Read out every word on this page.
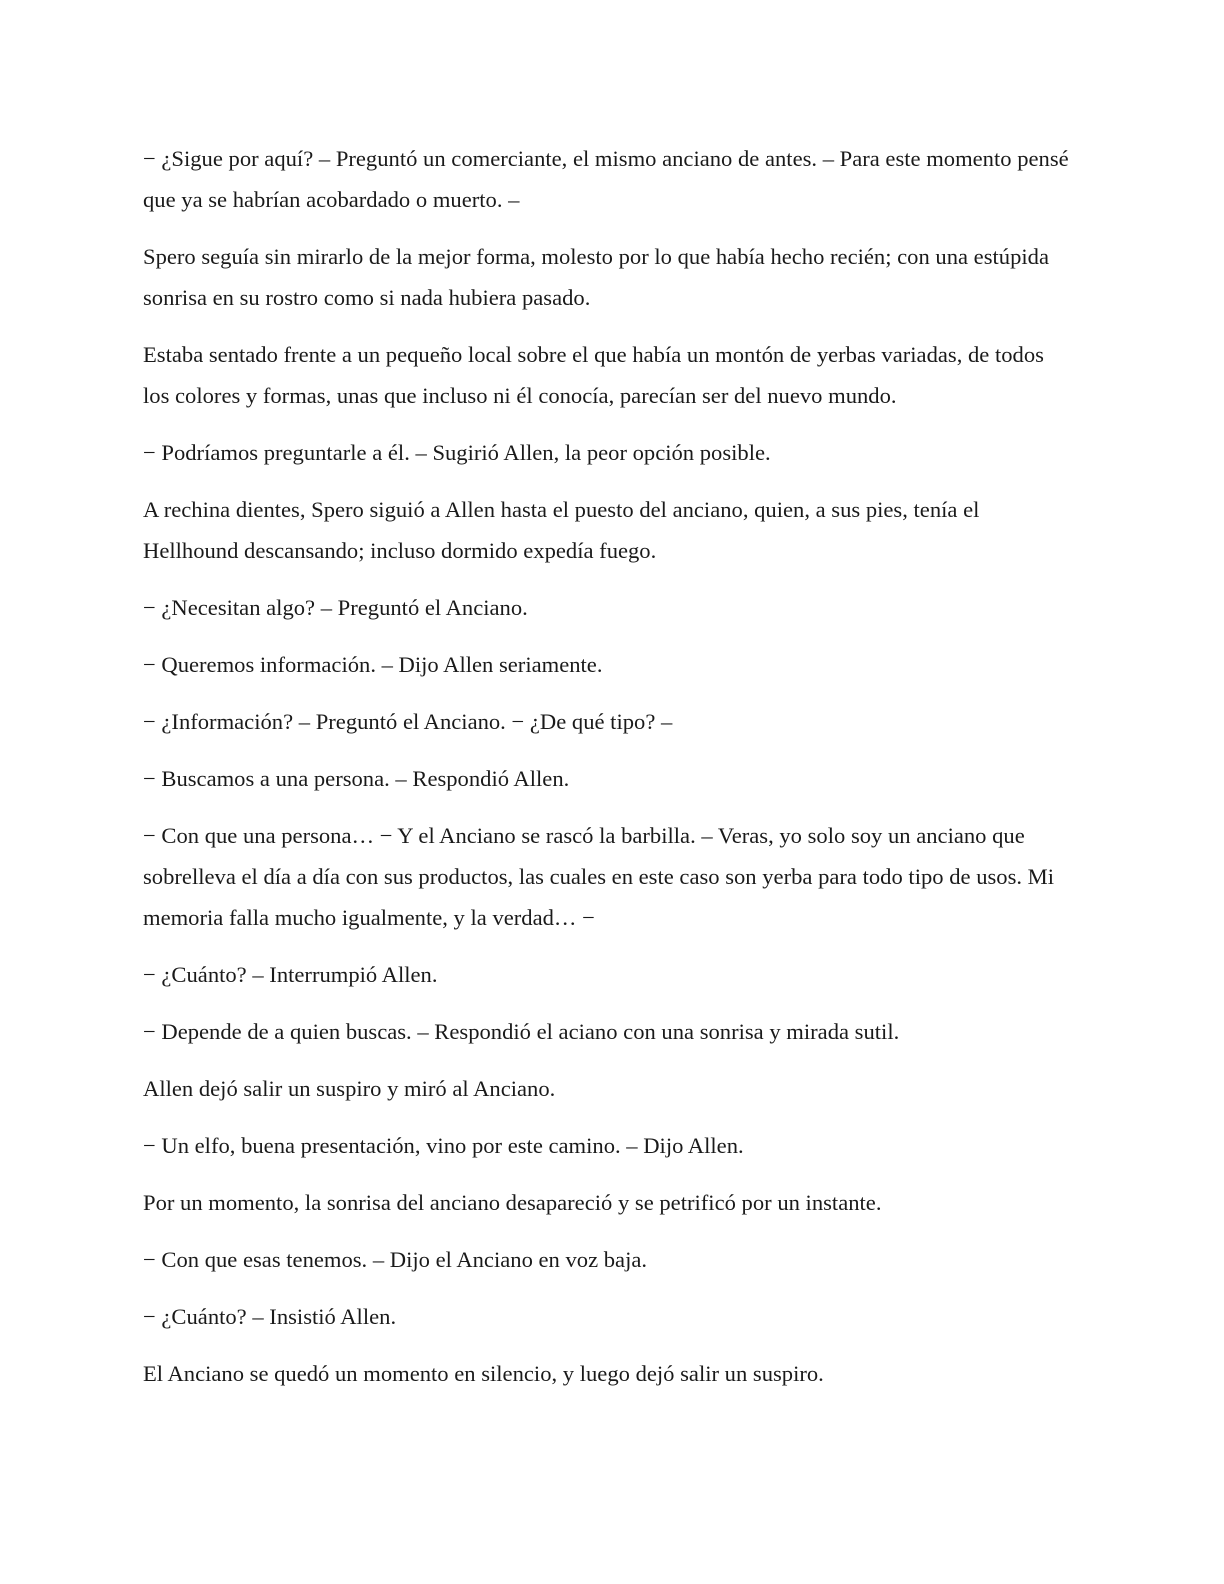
− ¿Sigue por aquí? – Preguntó un comerciante, el mismo anciano de antes. – Para este momento pensé que ya se habrían acobardado o muerto. –

Spero seguía sin mirarlo de la mejor forma, molesto por lo que había hecho recién; con una estúpida sonrisa en su rostro como si nada hubiera pasado.

Estaba sentado frente a un pequeño local sobre el que había un montón de yerbas variadas, de todos los colores y formas, unas que incluso ni él conocía, parecían ser del nuevo mundo.

− Podríamos preguntarle a él. – Sugirió Allen, la peor opción posible.

A rechina dientes, Spero siguió a Allen hasta el puesto del anciano, quien, a sus pies, tenía el Hellhound descansando; incluso dormido expedía fuego.

− ¿Necesitan algo? – Preguntó el Anciano.

− Queremos información. – Dijo Allen seriamente.

− ¿Información? – Preguntó el Anciano. − ¿De qué tipo? –

− Buscamos a una persona. – Respondió Allen.

− Con que una persona… − Y el Anciano se rascó la barbilla. – Veras, yo solo soy un anciano que sobrelleva el día a día con sus productos, las cuales en este caso son yerba para todo tipo de usos. Mi memoria falla mucho igualmente, y la verdad… −

− ¿Cuánto? – Interrumpió Allen.

− Depende de a quien buscas. – Respondió el aciano con una sonrisa y mirada sutil.

Allen dejó salir un suspiro y miró al Anciano.

− Un elfo, buena presentación, vino por este camino. – Dijo Allen.

Por un momento, la sonrisa del anciano desapareció y se petrificó por un instante.

− Con que esas tenemos. – Dijo el Anciano en voz baja.

− ¿Cuánto? – Insistió Allen.

El Anciano se quedó un momento en silencio, y luego dejó salir un suspiro.
